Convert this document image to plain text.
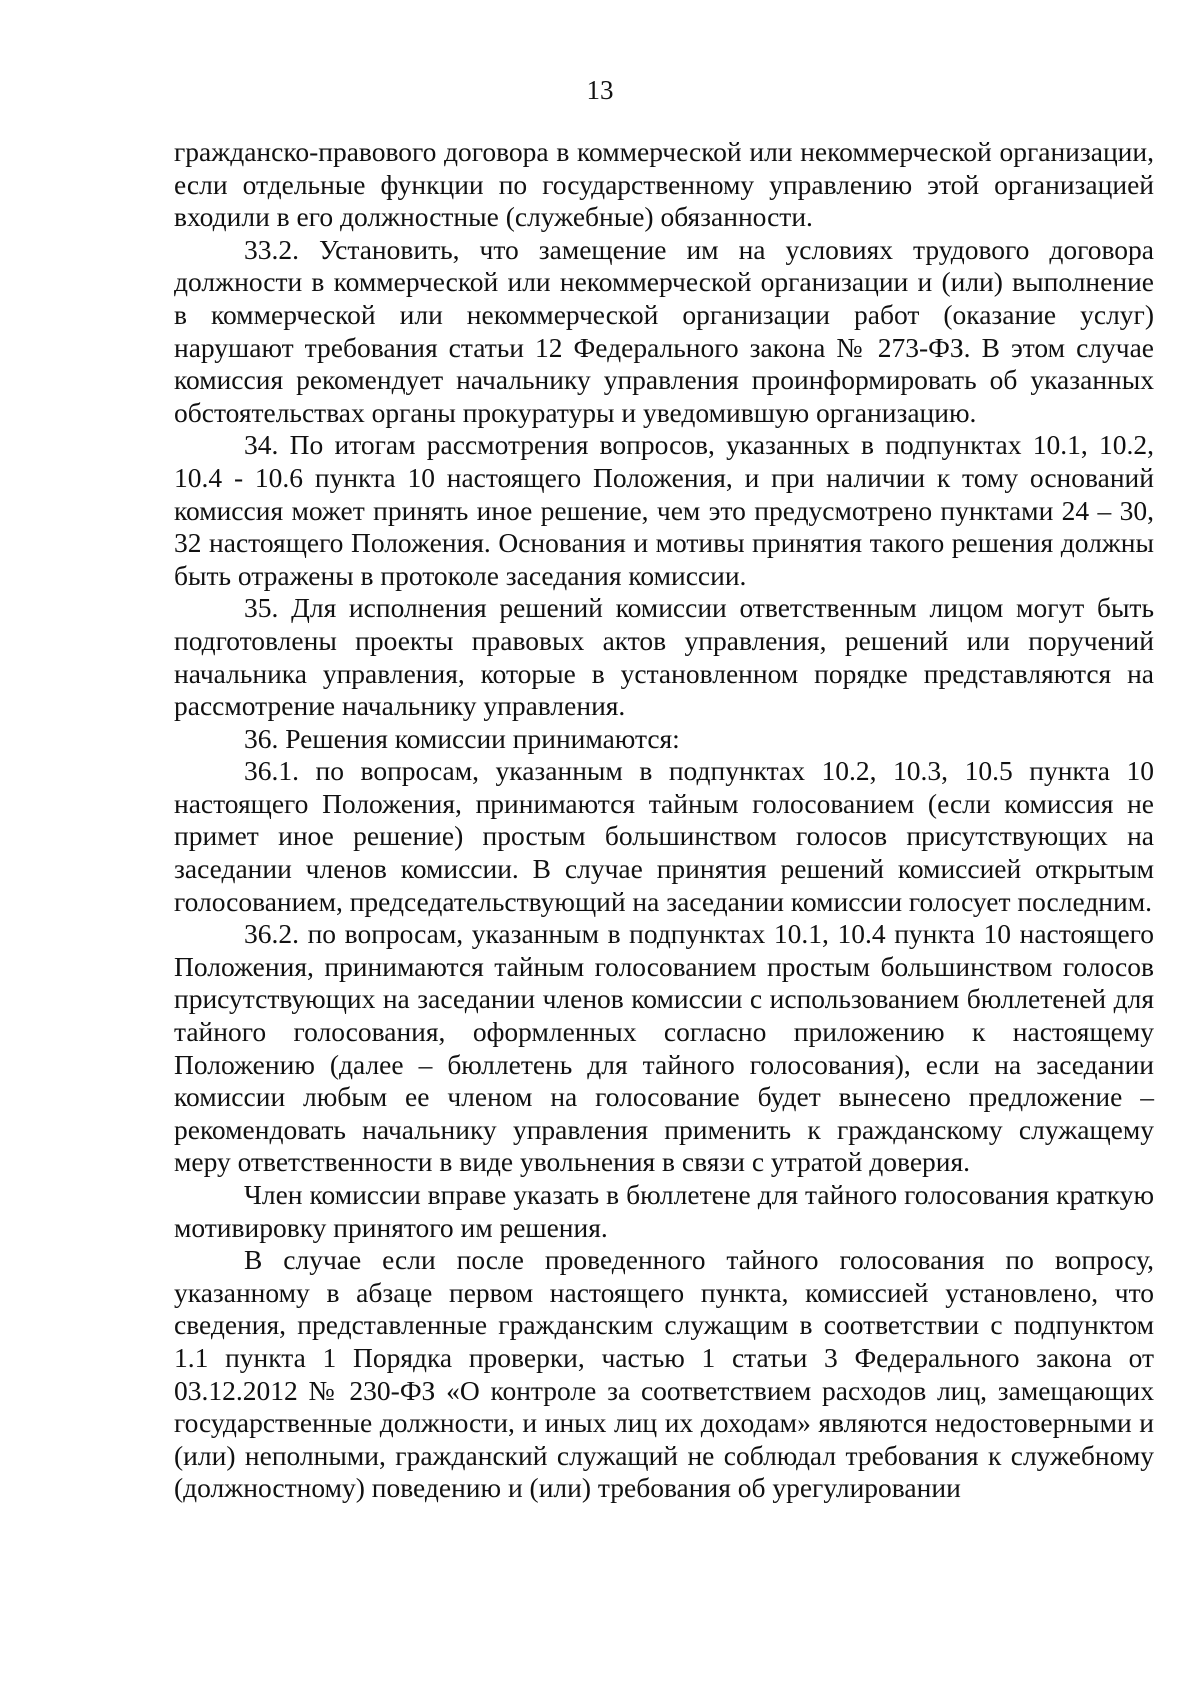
13

гражданско-правового договора в коммерческой или некоммерческой организации, если отдельные функции по государственному управлению этой организацией входили в его должностные (служебные) обязанности.

33.2. Установить, что замещение им на условиях трудового договора должности в коммерческой или некоммерческой организации и (или) выполнение в коммерческой или некоммерческой организации работ (оказание услуг) нарушают требования статьи 12 Федерального закона № 273-ФЗ. В этом случае комиссия рекомендует начальнику управления проинформировать об указанных обстоятельствах органы прокуратуры и уведомившую организацию.

34. По итогам рассмотрения вопросов, указанных в подпунктах 10.1, 10.2, 10.4 - 10.6 пункта 10 настоящего Положения, и при наличии к тому оснований комиссия может принять иное решение, чем это предусмотрено пунктами 24 – 30, 32 настоящего Положения. Основания и мотивы принятия такого решения должны быть отражены в протоколе заседания комиссии.

35. Для исполнения решений комиссии ответственным лицом могут быть подготовлены проекты правовых актов управления, решений или поручений начальника управления, которые в установленном порядке представляются на рассмотрение начальнику управления.

36. Решения комиссии принимаются:

36.1. по вопросам, указанным в подпунктах 10.2, 10.3, 10.5 пункта 10 настоящего Положения, принимаются тайным голосованием (если комиссия не примет иное решение) простым большинством голосов присутствующих на заседании членов комиссии. В случае принятия решений комиссией открытым голосованием, председательствующий на заседании комиссии голосует последним.

36.2. по вопросам, указанным в подпунктах 10.1, 10.4 пункта 10 настоящего Положения, принимаются тайным голосованием простым большинством голосов присутствующих на заседании членов комиссии с использованием бюллетеней для тайного голосования, оформленных согласно приложению к настоящему Положению (далее – бюллетень для тайного голосования), если на заседании комиссии любым ее членом на голосование будет вынесено предложение – рекомендовать начальнику управления применить к гражданскому служащему меру ответственности в виде увольнения в связи с утратой доверия.

Член комиссии вправе указать в бюллетене для тайного голосования краткую мотивировку принятого им решения.

В случае если после проведенного тайного голосования по вопросу, указанному в абзаце первом настоящего пункта, комиссией установлено, что сведения, представленные гражданским служащим в соответствии с подпунктом 1.1 пункта 1 Порядка проверки, частью 1 статьи 3 Федерального закона от 03.12.2012 № 230-ФЗ «О контроле за соответствием расходов лиц, замещающих государственные должности, и иных лиц их доходам» являются недостоверными и (или) неполными, гражданский служащий не соблюдал требования к служебному (должностному) поведению и (или) требования об урегулировании
